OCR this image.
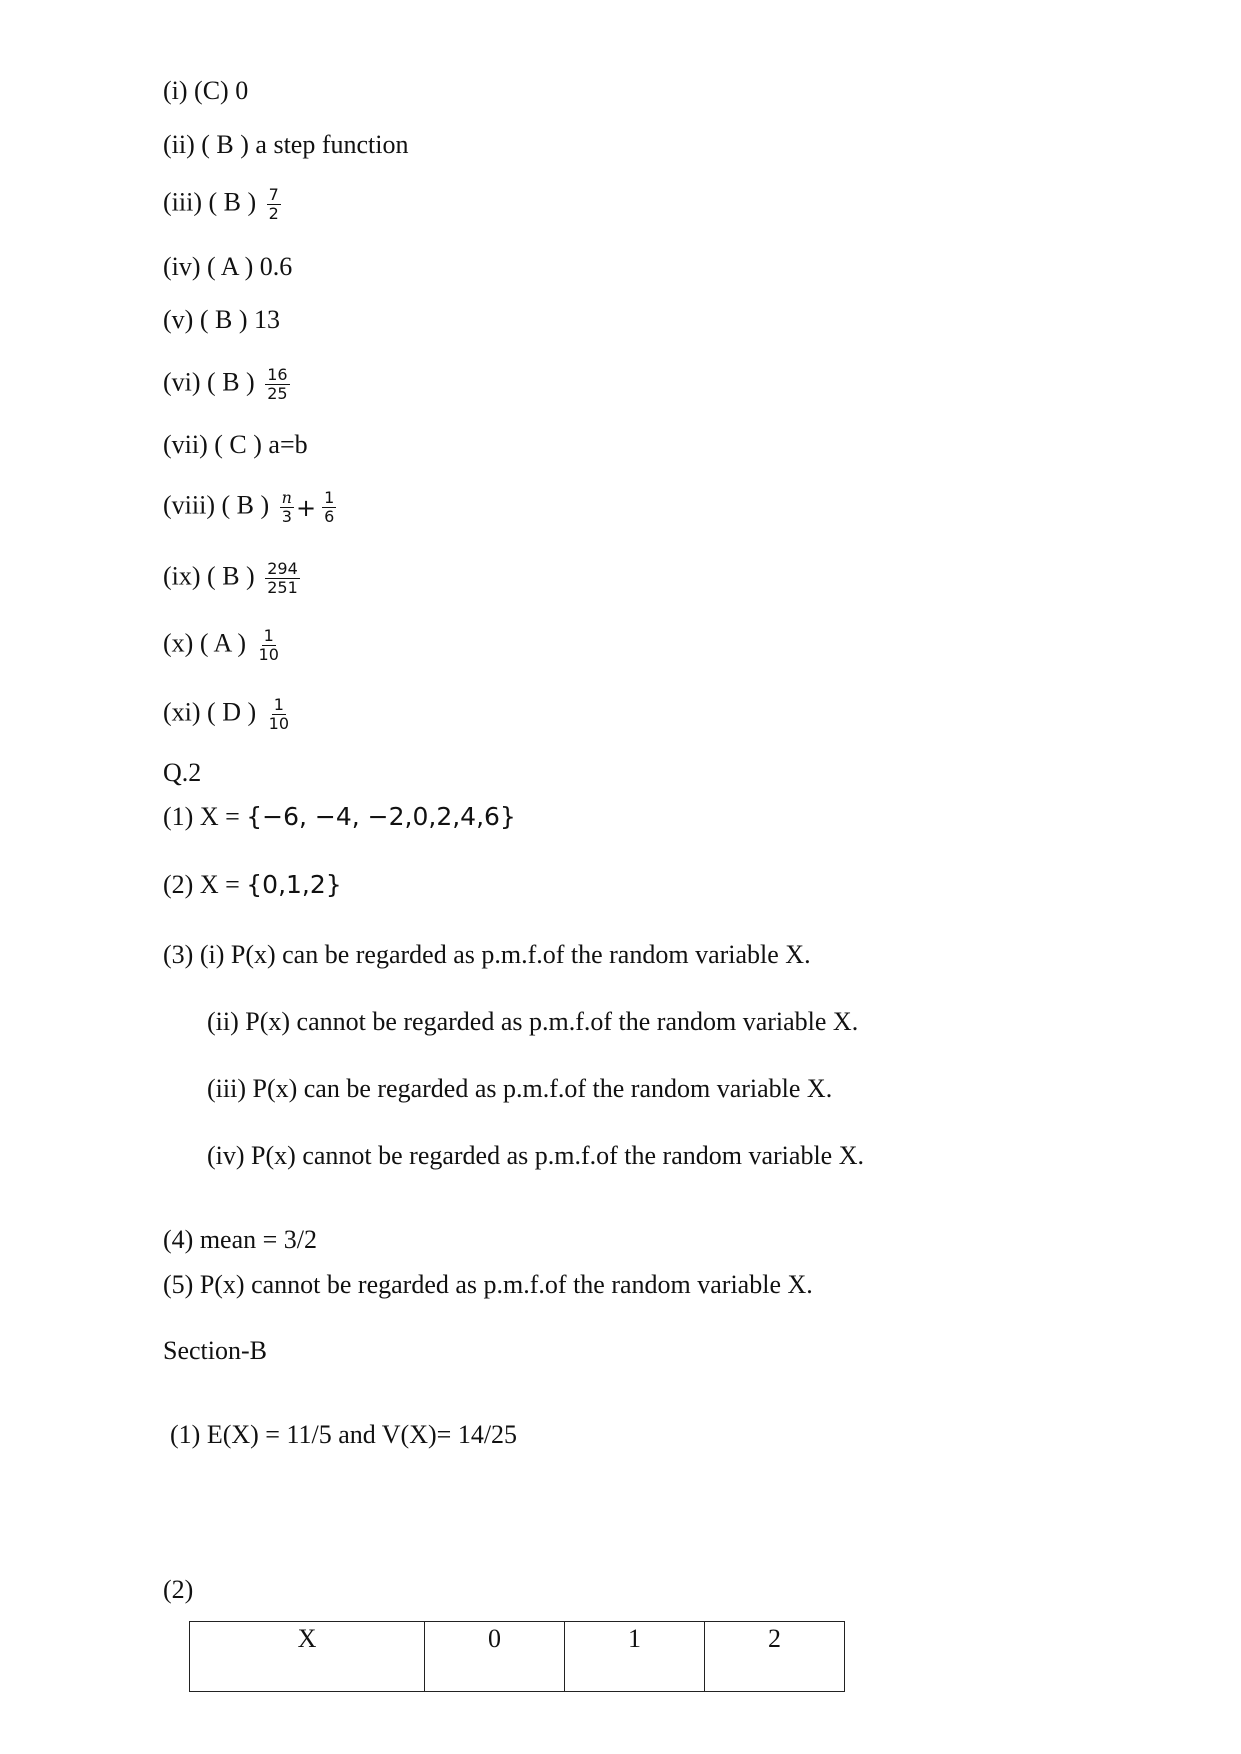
(i) (C) 0
(ii) ( B ) a step function
(iii) ( B ) $\frac{7}{2}$
(iv) ( A ) 0.6
(v) ( B ) 13
(vi) ( B ) $\frac{16}{25}$
(vii) ( C ) a=b
(viii) ( B ) $\frac{n}{3} + \frac{1}{6}$
(ix) ( B ) $\frac{294}{251}$
(x) ( A ) $\frac{1}{10}$
(xi) ( D ) $\frac{1}{10}$
Q.2
(1) X = {−6, −4, −2,0,2,4,6}
(2) X = {0,1,2}
(3) (i) P(x) can be regarded as p.m.f.of the random variable X.
(ii) P(x) cannot be regarded as p.m.f.of the random variable X.
(iii) P(x) can be regarded as p.m.f.of the random variable X.
(iv) P(x) cannot be regarded as p.m.f.of the random variable X.
(4) mean = 3/2
(5) P(x) cannot be regarded as p.m.f.of the random variable X.
Section-B
(1) E(X) = 11/5 and V(X)= 14/25
(2)
X	0	1	2
